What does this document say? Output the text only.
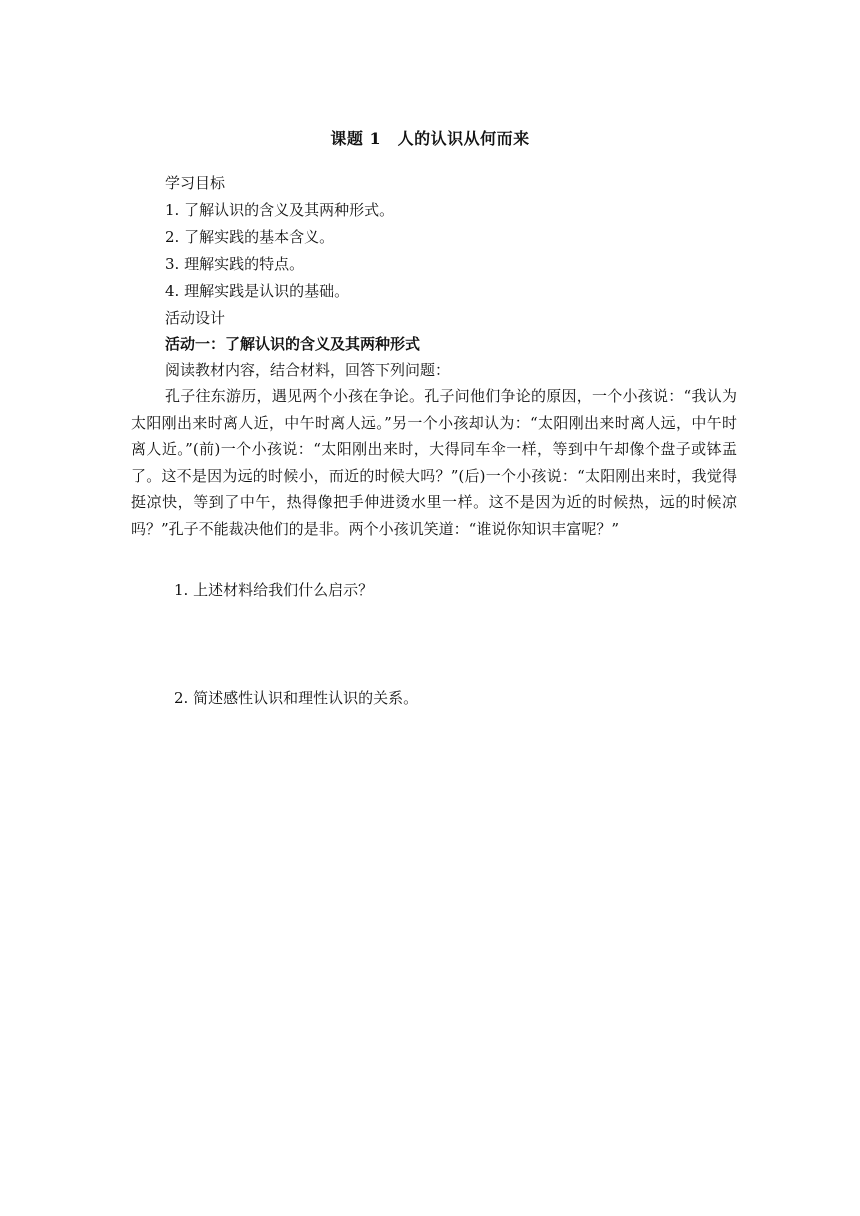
课题 1　人的认识从何而来
学习目标
1. 了解认识的含义及其两种形式。
2. 了解实践的基本含义。
3. 理解实践的特点。
4. 理解实践是认识的基础。
活动设计
活动一：了解认识的含义及其两种形式
阅读教材内容，结合材料，回答下列问题：

孔子往东游历，遇见两个小孩在争论。孔子问他们争论的原因，一个小孩说：“我认为太阳刚出来时离人近，中午时离人远。”另一个小孩却认为：“太阳刚出来时离人远，中午时离人近。”(前)一个小孩说：“太阳刚出来时，大得同车伞一样，等到中午却像个盘子或钵盂了。这不是因为远的时候小，而近的时候大吗？”(后)一个小孩说：“太阳刚出来时，我觉得挺凉快，等到了中午，热得像把手伸进烫水里一样。这不是因为近的时候热，远的时候凉吗？”孔子不能裁决他们的是非。两个小孩讥笑道：“谁说你知识丰富呢？”

1. 上述材料给我们什么启示？
2. 简述感性认识和理性认识的关系。
